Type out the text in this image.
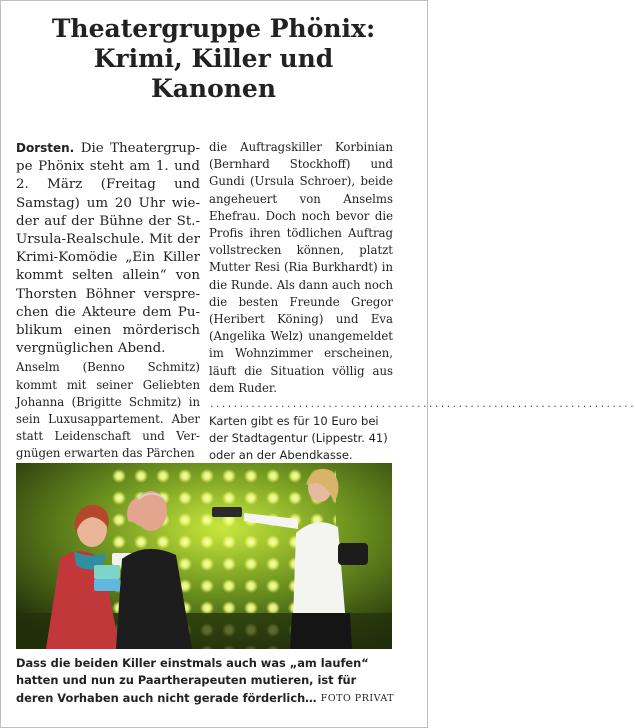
Theatergruppe Phönix:
Krimi, Killer und
Kanonen
Dorsten. Die Theatergruppe Phönix steht am 1. und 2. März (Freitag und Samstag) um 20 Uhr wieder auf der Bühne der St.-Ursula-Realschule. Mit der Krimi-Komödie „Ein Killer kommt selten allein“ von Thorsten Böhner versprechen die Akteure dem Publikum einen mörderisch vergnüglichen Abend.
Anselm (Benno Schmitz) kommt mit seiner Geliebten Johanna (Brigitte Schmitz) in sein Luxusappartement. Aber statt Leidenschaft und Vergnügen erwarten das Pärchen
die Auftragskiller Korbinian (Bernhard Stockhoff) und Gundi (Ursula Schroer), beide angeheuert von Anselms Ehefrau. Doch noch bevor die Profis ihren tödlichen Auftrag vollstrecken können, platzt Mutter Resi (Ria Burkhardt) in die Runde. Als dann auch noch die besten Freunde Gregor (Heribert Köning) und Eva (Angelika Welz) unangemeldet im Wohnzimmer erscheinen, läuft die Situation völlig aus dem Ruder.
........................................................................
Karten gibt es für 10 Euro bei der Stadtagentur (Lippestr. 41) oder an der Abendkasse.
Dass die beiden Killer einstmals auch was „am laufen“ hatten und nun zu Paartherapeuten mutieren, ist für deren Vorhaben auch nicht gerade förderlich… FOTO PRIVAT
